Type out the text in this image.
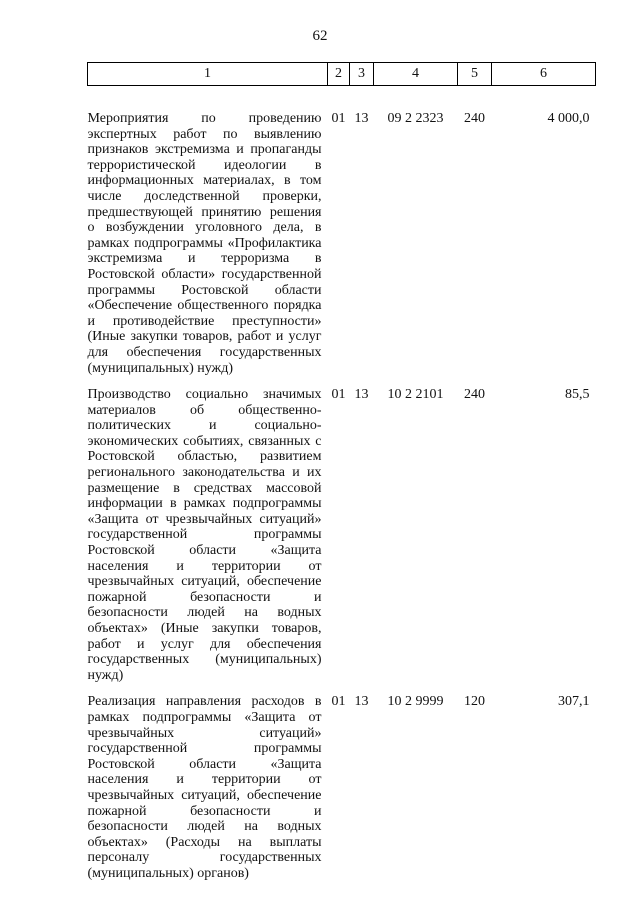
62
1	2	3	4	5	6
Мероприятия по проведению экспертных работ по выявлению признаков экстремизма и пропаганды террористической идеологии в информационных материалах, в том числе доследственной проверки, предшествующей принятию решения о возбуждении уголовного дела, в рамках подпрограммы «Профилактика экстремизма и терроризма в Ростовской области» государственной программы Ростовской области «Обеспечение общественного порядка и противодействие преступности» (Иные закупки товаров, работ и услуг для обеспечения государственных (муниципальных) нужд)	01	13	09 2 2323	240	4 000,0
Производство социально значимых материалов об общественно-политических и социально-экономических событиях, связанных с Ростовской областью, развитием регионального законодательства и их размещение в средствах массовой информации в рамках подпрограммы «Защита от чрезвычайных ситуаций» государственной программы Ростовской области «Защита населения и территории от чрезвычайных ситуаций, обеспечение пожарной безопасности и безопасности людей на водных объектах» (Иные закупки товаров, работ и услуг для обеспечения государственных (муниципальных) нужд)	01	13	10 2 2101	240	85,5
Реализация направления расходов в рамках подпрограммы «Защита от чрезвычайных ситуаций» государственной программы Ростовской области «Защита населения и территории от чрезвычайных ситуаций, обеспечение пожарной безопасности и безопасности людей на водных объектах» (Расходы на выплаты персоналу государственных (муниципальных) органов)	01	13	10 2 9999	120	307,1
